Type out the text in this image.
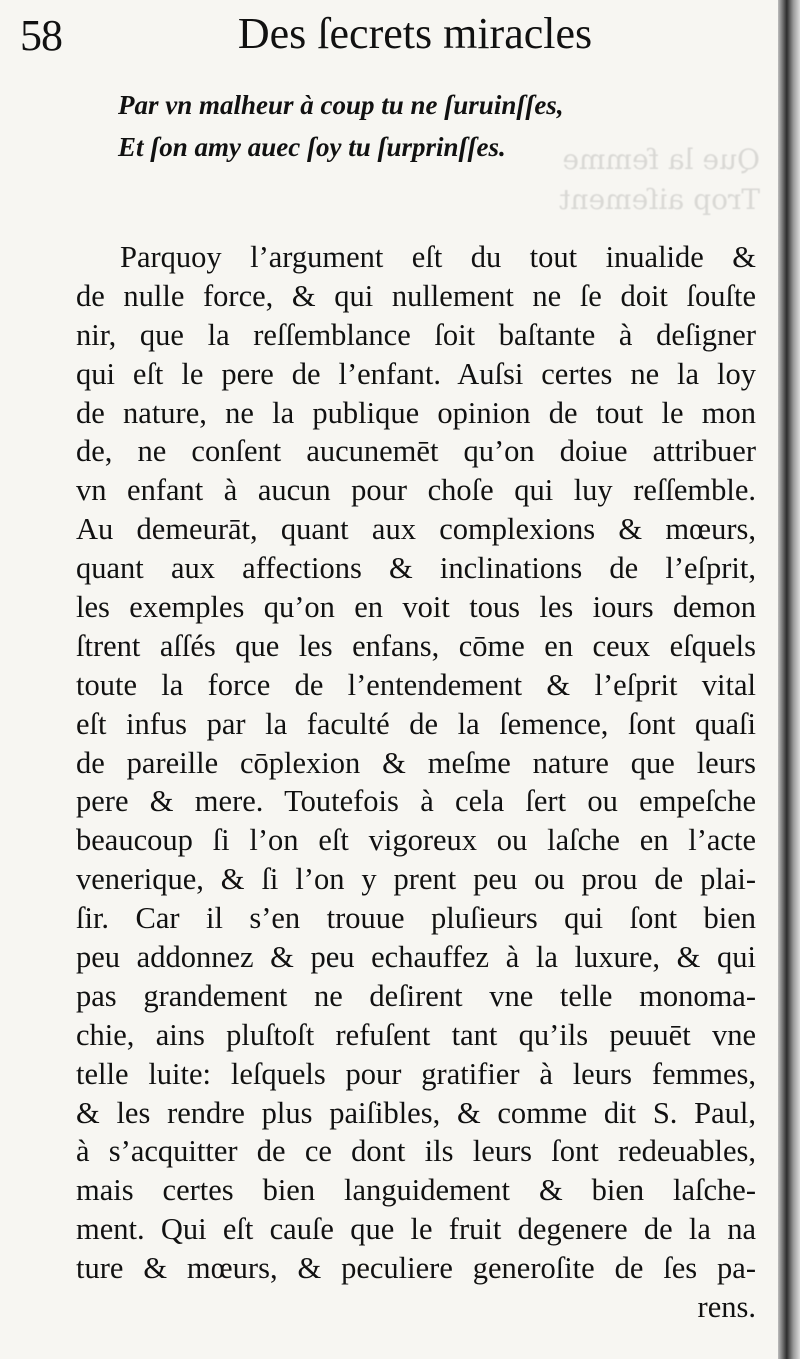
Que la femme
Trop aiſement
58	Des ſecrets miracles
Par vn malheur à coup tu ne ſuruinſſes,
Et ſon amy auec ſoy tu ſurprinſſes.
Parquoy l’argument eſt du tout inualide &
de nulle force, & qui nullement ne ſe doit ſouſte
nir, que la reſſemblance ſoit baſtante à deſigner
qui eſt le pere de l’enfant. Auſsi certes ne la loy
de nature, ne la publique opinion de tout le mon
de, ne conſent aucunemēt qu’on doiue attribuer
vn enfant à aucun pour choſe qui luy reſſemble.
Au demeurāt, quant aux complexions & mœurs,
quant aux affections & inclinations de l’eſprit,
les exemples qu’on en voit tous les iours demon
ſtrent aſſés que les enfans, cōme en ceux eſquels
toute la force de l’entendement & l’eſprit vital
eſt infus par la faculté de la ſemence, ſont quaſi
de pareille cōplexion & meſme nature que leurs
pere & mere. Toutefois à cela ſert ou empeſche
beaucoup ſi l’on eſt vigoreux ou laſche en l’acte
venerique, & ſi l’on y prent peu ou prou de plai-
ſir. Car il s’en trouue pluſieurs qui ſont bien
peu addonnez & peu echauffez à la luxure, & qui
pas grandement ne deſirent vne telle monoma-
chie, ains pluſtoſt refuſent tant qu’ils peuuēt vne
telle luite: leſquels pour gratifier à leurs femmes,
& les rendre plus paiſibles, & comme dit S. Paul,
à s’acquitter de ce dont ils leurs ſont redeuables,
mais certes bien languidement & bien laſche-
ment. Qui eſt cauſe que le fruit degenere de la na
ture & mœurs, & peculiere generoſite de ſes pa-
rens.
